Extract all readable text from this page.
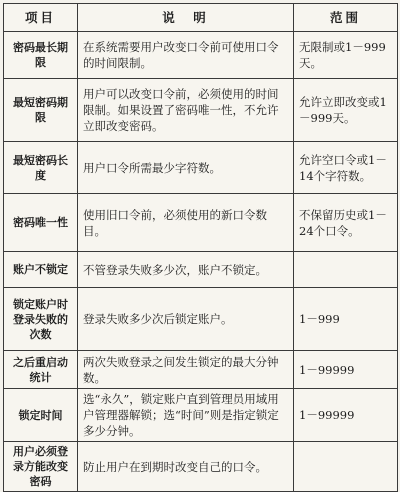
项目	说　明	范围
密码最长期限	在系统需要用户改变口令前可使用口令的时间限制。	无限制或1－999天。
最短密码期限	用户可以改变口令前，必须使用的时间限制。如果设置了密码唯一性，不允许立即改变密码。	允许立即改变或1－999天。
最短密码长度	用户口令所需最少字符数。	允许空口令或1－14个字符数。
密码唯一性	使用旧口令前，必须使用的新口令数目。	不保留历史或1－24个口令。
账户不锁定	不管登录失败多少次，账户不锁定。	
锁定账户时登录失败的次数	登录失败多少次后锁定账户。	1－999
之后重启动统计	两次失败登录之间发生锁定的最大分钟数。	1－99999
锁定时间	选“永久”，锁定账户直到管理员用域用户管理器解锁；选“时间”则是指定锁定多少分钟。	1－99999
用户必须登录方能改变密码	防止用户在到期时改变自己的口令。	
